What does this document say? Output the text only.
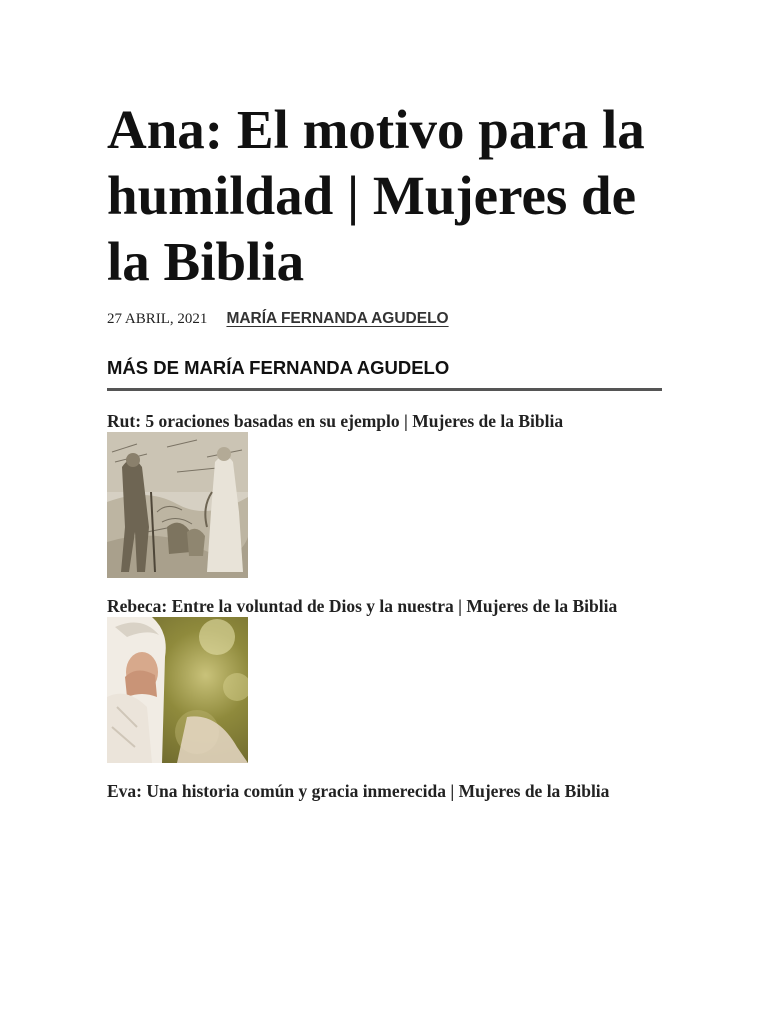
Ana: El motivo para la humildad | Mujeres de la Biblia
27 ABRIL, 2021 MARÍA FERNANDA AGUDELO
MÁS DE MARÍA FERNANDA AGUDELO
Rut: 5 oraciones basadas en su ejemplo | Mujeres de la Biblia
Rebeca: Entre la voluntad de Dios y la nuestra | Mujeres de la Biblia
Eva: Una historia común y gracia inmerecida | Mujeres de la Biblia
